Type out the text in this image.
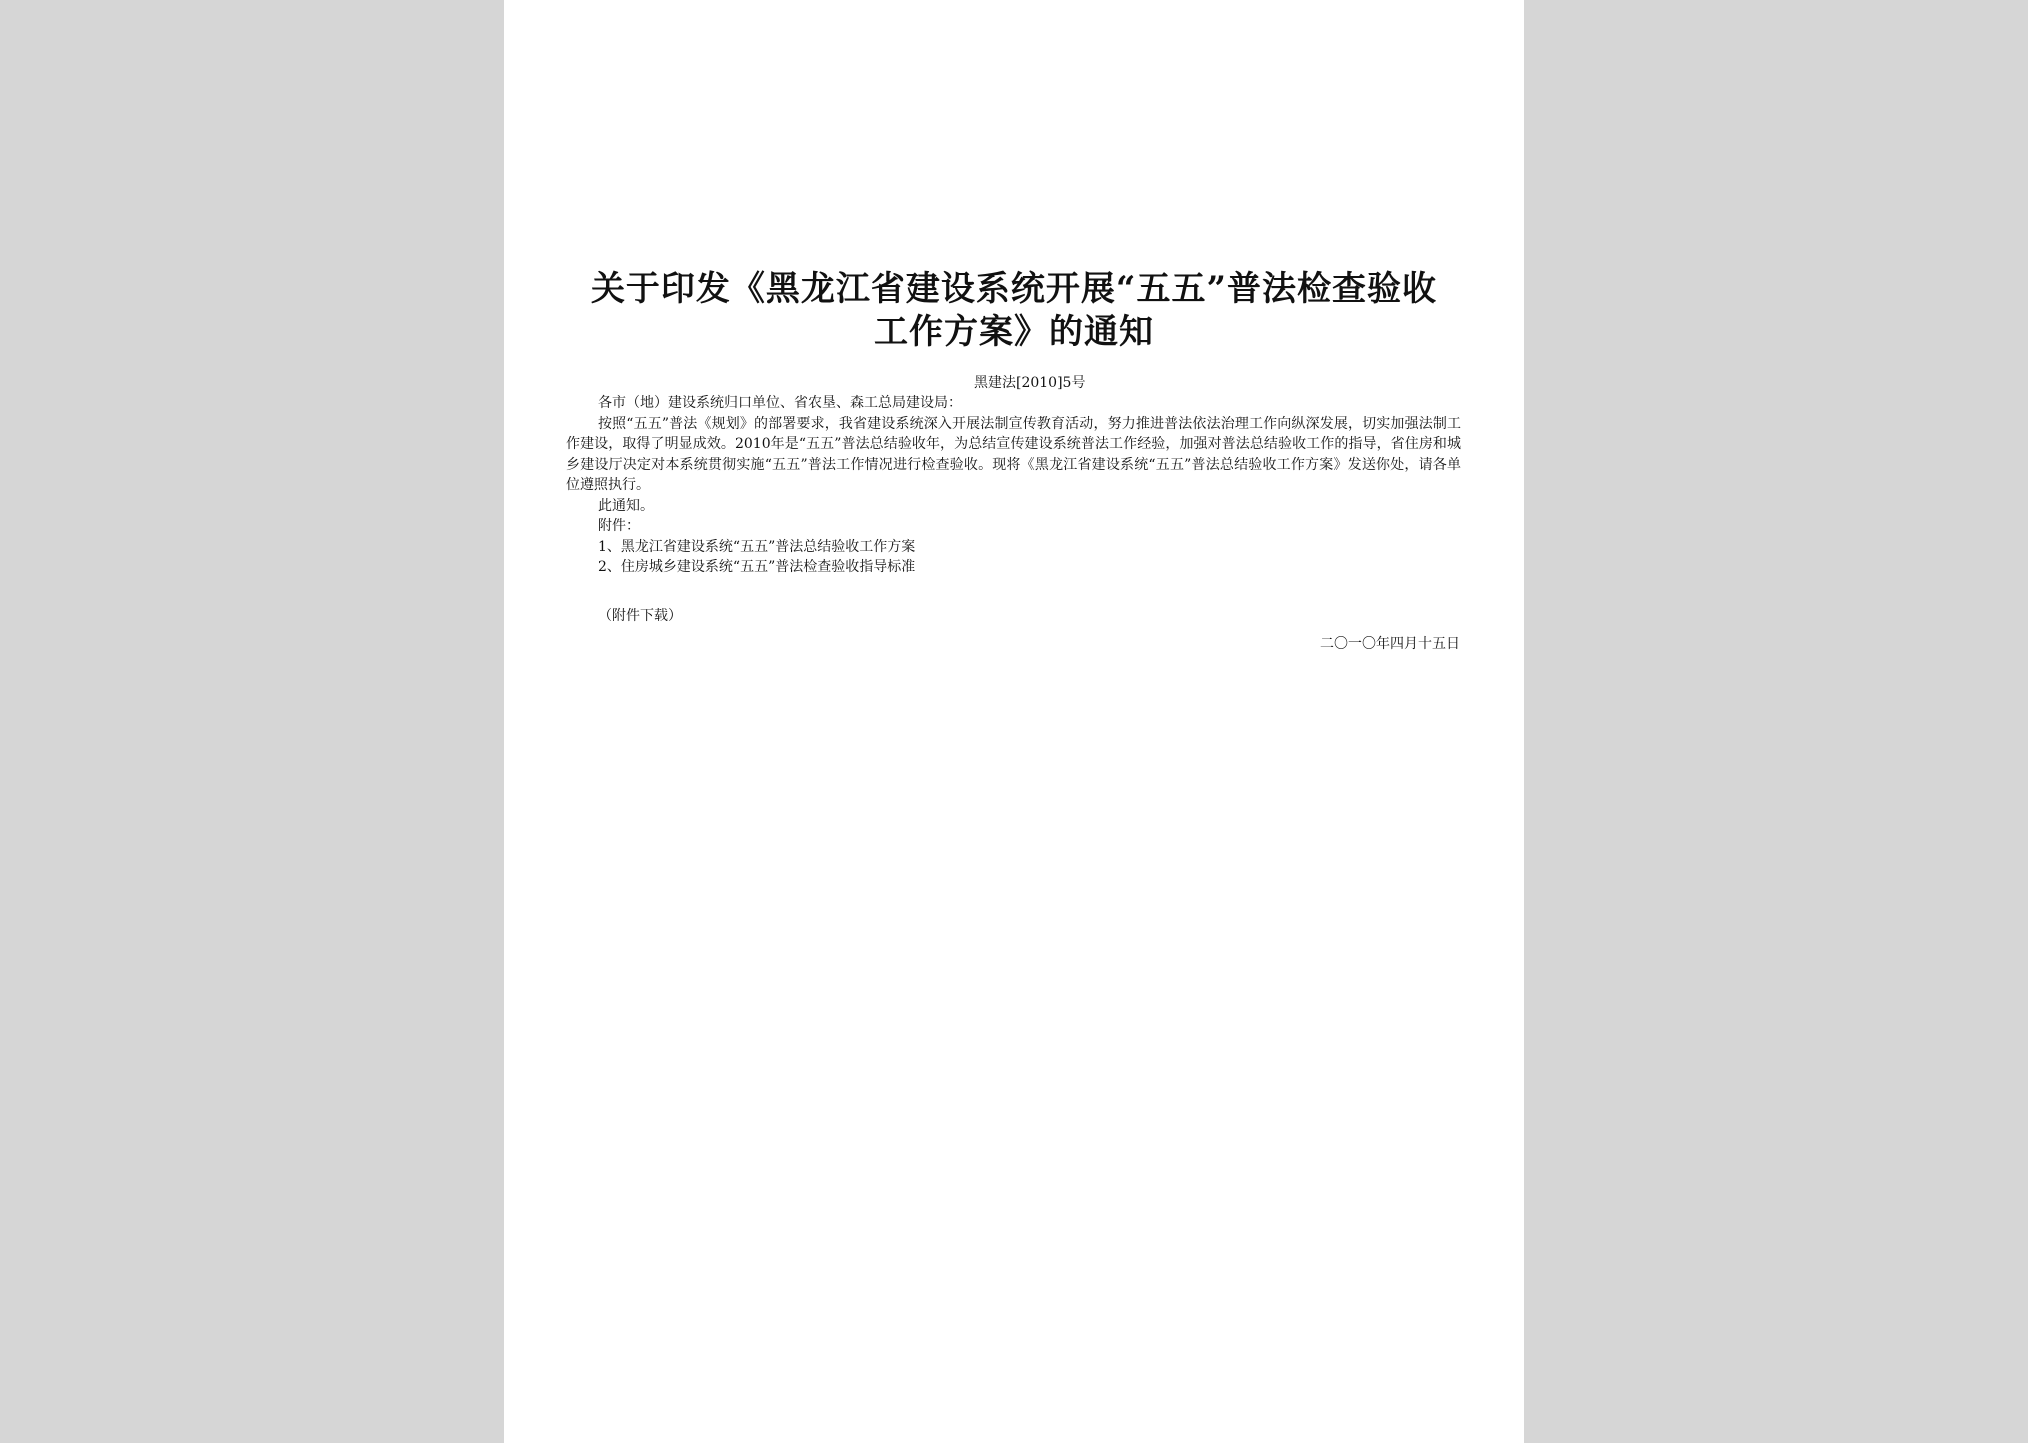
关于印发《黑龙江省建设系统开展“五五”普法检查验收
工作方案》的通知
黑建法[2010]5号
各市（地）建设系统归口单位、省农垦、森工总局建设局：
按照“五五”普法《规划》的部署要求，我省建设系统深入开展法制宣传教育活动，努力推进普法依法治理工作向纵深发展，切实加强法制工作建设，取得了明显成效。2010年是“五五”普法总结验收年，为总结宣传建设系统普法工作经验，加强对普法总结验收工作的指导，省住房和城乡建设厅决定对本系统贯彻实施“五五”普法工作情况进行检查验收。现将《黑龙江省建设系统“五五”普法总结验收工作方案》发送你处，请各单位遵照执行。
此通知。
附件：
1、黑龙江省建设系统“五五”普法总结验收工作方案
2、住房城乡建设系统“五五”普法检查验收指导标准
（附件下载）
二〇一〇年四月十五日
